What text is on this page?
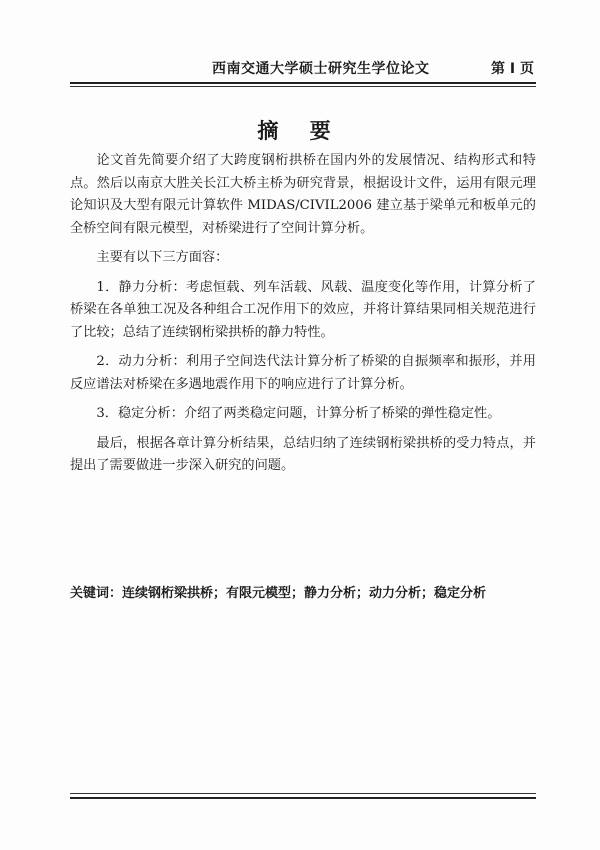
西南交通大学硕士研究生学位论文	第 I 页
摘 要

论文首先简要介绍了大跨度钢桁拱桥在国内外的发展情况、结构形式和特点。然后以南京大胜关长江大桥主桥为研究背景，根据设计文件，运用有限元理论知识及大型有限元计算软件 MIDAS/CIVIL2006 建立基于梁单元和板单元的全桥空间有限元模型，对桥梁进行了空间计算分析。

主要有以下三方面容：

1．静力分析：考虑恒载、列车活载、风载、温度变化等作用，计算分析了桥梁在各单独工况及各种组合工况作用下的效应，并将计算结果同相关规范进行了比较；总结了连续钢桁梁拱桥的静力特性。

2．动力分析：利用子空间迭代法计算分析了桥梁的自振频率和振形，并用反应谱法对桥梁在多遇地震作用下的响应进行了计算分析。

3．稳定分析：介绍了两类稳定问题，计算分析了桥梁的弹性稳定性。

最后，根据各章计算分析结果，总结归纳了连续钢桁梁拱桥的受力特点，并提出了需要做进一步深入研究的问题。

关键词：连续钢桁梁拱桥；有限元模型；静力分析；动力分析；稳定分析
